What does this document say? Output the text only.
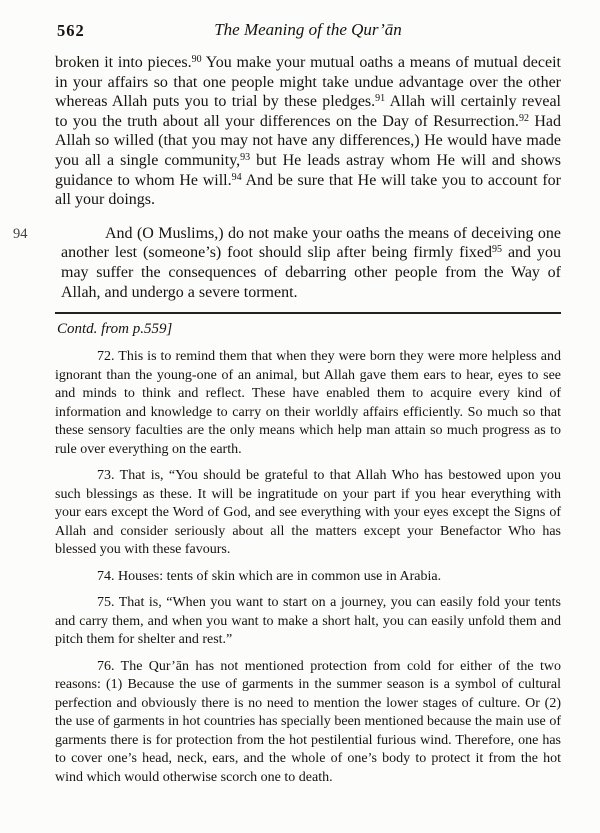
562	The Meaning of the Qur’ān

broken it into pieces.$^{90}$ You make your mutual oaths a means of mutual deceit in your affairs so that one people might take undue advantage over the other whereas Allah puts you to trial by these pledges.$^{91}$ Allah will certainly reveal to you the truth about all your differences on the Day of Resurrection.$^{92}$ Had Allah so willed (that you may not have any differences,) He would have made you all a single community,$^{93}$ but He leads astray whom He will and shows guidance to whom He will.$^{94}$ And be sure that He will take you to account for all your doings.

94	And (O Muslims,) do not make your oaths the means of deceiving one another lest (someone’s) foot should slip after being firmly fixed$^{95}$ and you may suffer the consequences of debarring other people from the Way of Allah, and undergo a severe torment.

Contd. from p.559]

72. This is to remind them that when they were born they were more helpless and ignorant than the young-one of an animal, but Allah gave them ears to hear, eyes to see and minds to think and reflect. These have enabled them to acquire every kind of information and knowledge to carry on their worldly affairs efficiently. So much so that these sensory faculties are the only means which help man attain so much progress as to rule over everything on the earth.

73. That is, “You should be grateful to that Allah Who has bestowed upon you such blessings as these. It will be ingratitude on your part if you hear everything with your ears except the Word of God, and see everything with your eyes except the Signs of Allah and consider seriously about all the matters except your Benefactor Who has blessed you with these favours.

74. Houses: tents of skin which are in common use in Arabia.

75. That is, “When you want to start on a journey, you can easily fold your tents and carry them, and when you want to make a short halt, you can easily unfold them and pitch them for shelter and rest.”

76. The Qur’ān has not mentioned protection from cold for either of the two reasons: (1) Because the use of garments in the summer season is a symbol of cultural perfection and obviously there is no need to mention the lower stages of culture. Or (2) the use of garments in hot countries has specially been mentioned because the main use of garments there is for protection from the hot pestilential furious wind. Therefore, one has to cover one’s head, neck, ears, and the whole of one’s body to protect it from the hot wind which would otherwise scorch one to death.
